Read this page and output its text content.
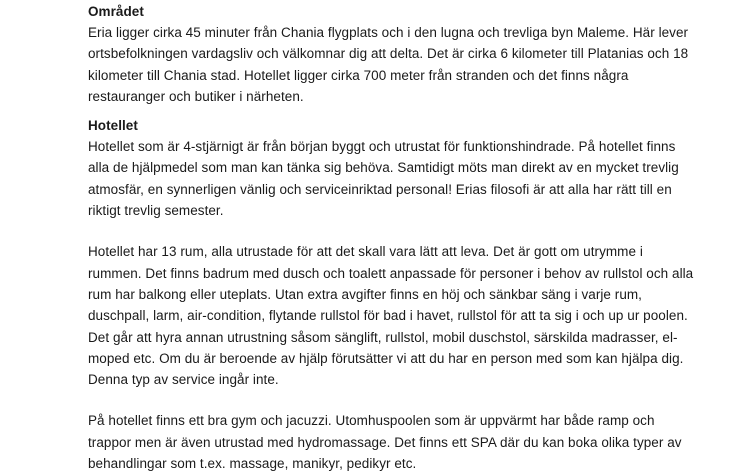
Området

Eria ligger cirka 45 minuter från Chania flygplats och i den lugna och trevliga byn Maleme. Här lever
ortsbefolkningen vardagsliv och välkomnar dig att delta. Det är cirka 6 kilometer till Platanias och 18
kilometer till Chania stad. Hotellet ligger cirka 700 meter från stranden och det finns några
restauranger och butiker i närheten.

Hotellet

Hotellet som är 4-stjärnigt är från början byggt och utrustat för funktionshindrade. På hotellet finns
alla de hjälpmedel som man kan tänka sig behöva. Samtidigt möts man direkt av en mycket trevlig
atmosfär, en synnerligen vänlig och serviceinriktad personal! Erias filosofi är att alla har rätt till en
riktigt trevlig semester.

Hotellet har 13 rum, alla utrustade för att det skall vara lätt att leva. Det är gott om utrymme i
rummen. Det finns badrum med dusch och toalett anpassade för personer i behov av rullstol och alla
rum har balkong eller uteplats. Utan extra avgifter finns en höj och sänkbar säng i varje rum,
duschpall, larm, air-condition, flytande rullstol för bad i havet, rullstol för att ta sig i och up ur poolen.
Det går att hyra annan utrustning såsom sänglift, rullstol, mobil duschstol, särskilda madrasser, el-
moped etc. Om du är beroende av hjälp förutsätter vi att du har en person med som kan hjälpa dig.
Denna typ av service ingår inte.

På hotellet finns ett bra gym och jacuzzi. Utomhuspoolen som är uppvärmt har både ramp och
trappor men är även utrustad med hydromassage. Det finns ett SPA där du kan boka olika typer av
behandlingar som t.ex. massage, manikyr, pedikyr etc.
